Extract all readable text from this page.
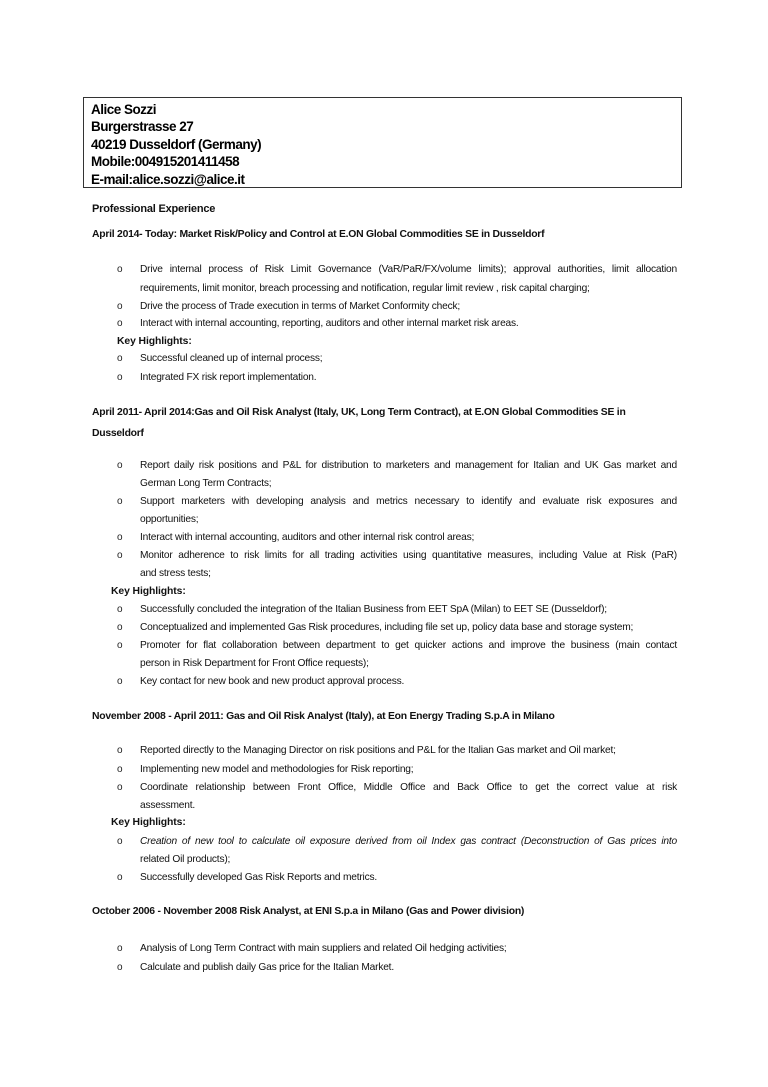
Alice Sozzi
Burgerstrasse 27
40219 Dusseldorf (Germany)
Mobile:004915201411458
E-mail:alice.sozzi@alice.it
Professional Experience
April 2014- Today: Market Risk/Policy and Control at E.ON Global Commodities SE in Dusseldorf
o Drive internal process of Risk Limit Governance (VaR/PaR/FX/volume limits); approval authorities, limit allocation
requirements, limit monitor, breach processing and notification, regular limit review , risk capital charging;
o Drive the process of Trade execution in terms of Market Conformity check;
o Interact with internal accounting, reporting, auditors and other internal market risk areas.
Key Highlights:
o Successful cleaned up of internal process;
o Integrated FX risk report implementation.
April 2011- April 2014:Gas and Oil Risk Analyst (Italy, UK, Long Term Contract), at E.ON Global Commodities SE in
Dusseldorf
o Report daily risk positions and P&L for distribution to marketers and management for Italian and UK Gas market and
German Long Term Contracts;
o Support marketers with developing analysis and metrics necessary to identify and evaluate risk exposures and
opportunities;
o Interact with internal accounting, auditors and other internal risk control areas;
o Monitor adherence to risk limits for all trading activities using quantitative measures, including Value at Risk (PaR)
and stress tests;
Key Highlights:
o Successfully concluded the integration of the Italian Business from EET SpA (Milan) to EET SE (Dusseldorf);
o Conceptualized and implemented Gas Risk procedures, including file set up, policy data base and storage system;
o Promoter for flat collaboration between department to get quicker actions and improve the business (main contact
person in Risk Department for Front Office requests);
o Key contact for new book and new product approval process.
November 2008 - April 2011: Gas and Oil Risk Analyst (Italy), at Eon Energy Trading S.p.A in Milano
o Reported directly to the Managing Director on risk positions and P&L for the Italian Gas market and Oil market;
o Implementing new model and methodologies for Risk reporting;
o Coordinate relationship between Front Office, Middle Office and Back Office to get the correct value at risk
assessment.
Key Highlights:
o Creation of new tool to calculate oil exposure derived from oil Index gas contract (Deconstruction of Gas prices into
related Oil products);
o Successfully developed Gas Risk Reports and metrics.
October 2006 - November 2008 Risk Analyst, at ENI S.p.a in Milano (Gas and Power division)
o Analysis of Long Term Contract with main suppliers and related Oil hedging activities;
o Calculate and publish daily Gas price for the Italian Market.
